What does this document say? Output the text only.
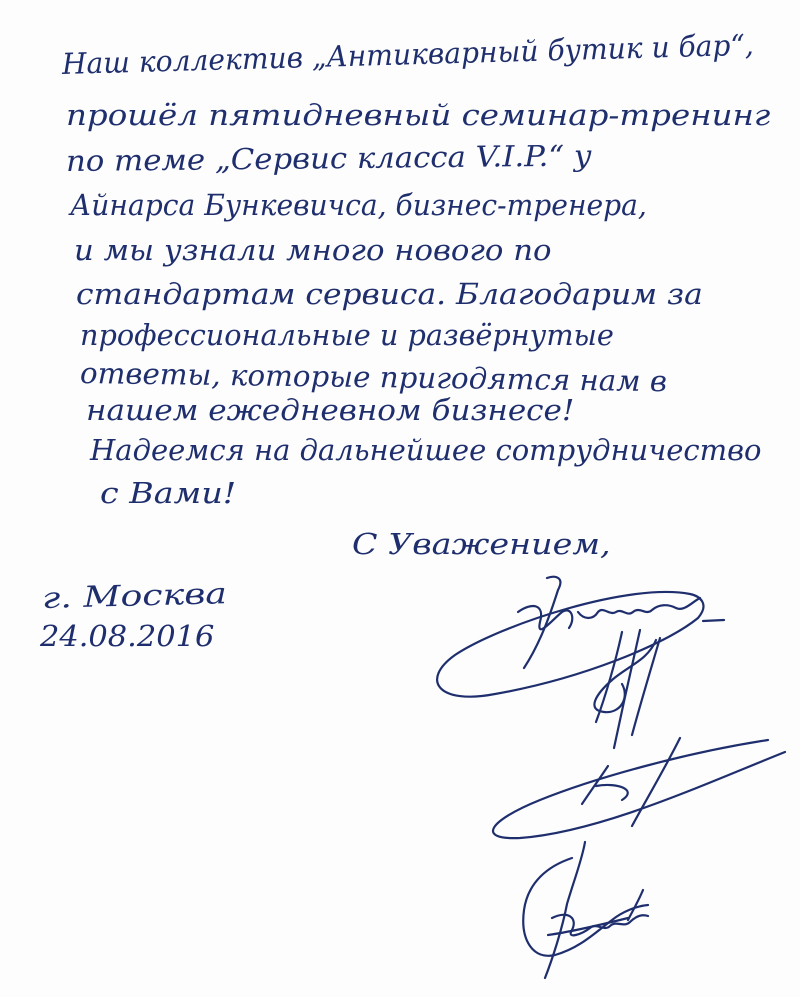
Наш коллектив „Антикварный бутик и бар“,

прошёл пятидневный семинар-тренинг

по теме „Сервис класса V.I.P.“ у

Айнарса Бункевичса, бизнес-тренера,

и мы узнали много нового по

стандартам сервиса. Благодарим за

профессиональные и развёрнутые

ответы, которые пригодятся нам в

нашем ежедневном бизнесе!

Надеемся на дальнейшее сотрудничество

с Вами!

С Уважением,

г. Москва

24.08.2016
